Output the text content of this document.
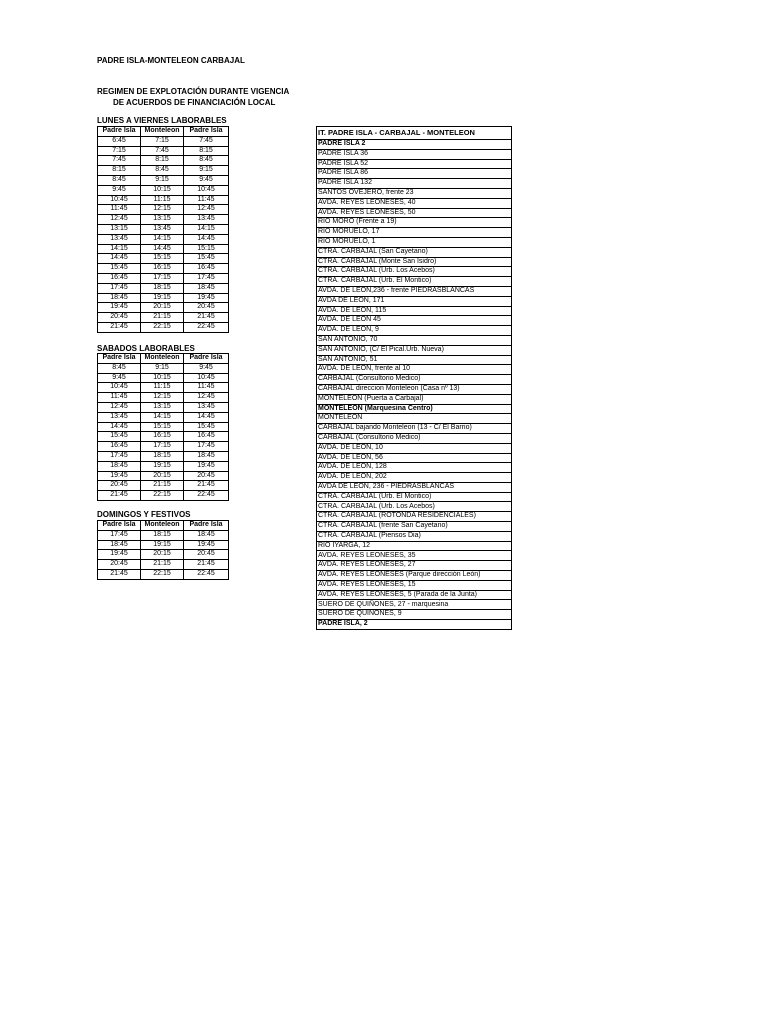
PADRE ISLA-MONTELEON CARBAJAL
REGIMEN DE EXPLOTACIÓN DURANTE VIGENCIA
DE ACUERDOS DE FINANCIACIÓN LOCAL
LUNES A VIERNES LABORABLES
Padre Isla	Monteleon	Padre Isla
6:45	7:15	7:45
7:15	7:45	8:15
7:45	8:15	8:45
8:15	8:45	9:15
8:45	9:15	9:45
9:45	10:15	10:45
10:45	11:15	11:45
11:45	12:15	12:45
12:45	13:15	13:45
13:15	13:45	14:15
13:45	14:15	14:45
14:15	14:45	15:15
14:45	15:15	15:45
15:45	16:15	16:45
16:45	17:15	17:45
17:45	18:15	18:45
18:45	19:15	19:45
19:45	20:15	20:45
20:45	21:15	21:45
21:45	22:15	22:45
SABADOS LABORABLES
Padre Isla	Monteleon	Padre Isla
8:45	9:15	9:45
9:45	10:15	10:45
10:45	11:15	11:45
11:45	12:15	12:45
12:45	13:15	13:45
13:45	14:15	14:45
14:45	15:15	15:45
15:45	16:15	16:45
16:45	17:15	17:45
17:45	18:15	18:45
18:45	19:15	19:45
19:45	20:15	20:45
20:45	21:15	21:45
21:45	22:15	22:45
DOMINGOS Y FESTIVOS
Padre Isla	Monteleon	Padre Isla
17:45	18:15	18:45
18:45	19:15	19:45
19:45	20:15	20:45
20:45	21:15	21:45
21:45	22:15	22:45
IT. PADRE ISLA - CARBAJAL - MONTELEON
PADRE ISLA 2
PADRE ISLA 36
PADRE ISLA 52
PADRE ISLA 86
PADRE ISLA 132
SANTOS OVEJERO, frente 23
AVDA. REYES LEONESES, 40
AVDA. REYES LEONESES, 50
RIO MORO (Frente a 19)
RIO MORUELO, 17
RIO MORUELO, 1
CTRA. CARBAJAL (San Cayetano)
CTRA. CARBAJAL (Monte San Isidro)
CTRA. CARBAJAL (Urb. Los Acebos)
CTRA. CARBAJAL (Urb. El Montico)
AVDA. DE LEON,236 - frente PIEDRASBLANCAS
AVDA DE LEON, 171
AVDA. DE LEON, 115
AVDA. DE LEON 45
AVDA. DE LEON, 9
SAN ANTONIO, 70
SAN ANTONIO, (C/ El Pical.Urb. Nueva)
SAN ANTONIO, 51
AVDA. DE LEON, frente al 10
CARBAJAL (Consultorio Medico)
CARBAJAL direccion Monteleon (Casa nº 13)
MONTELEON (Puerta a Carbajal)
MONTELEON (Marquesina Centro)
MONTELEON
CARBAJAL bajando Monteleon (13 - C/ El Barrio)
CARBAJAL (Consultorio Medico)
AVDA. DE LEON, 10
AVDA. DE LEON, 56
AVDA. DE LEON, 128
AVDA. DE LEON, 202
AVDA DE LEON, 236 - PIEDRASBLANCAS
CTRA. CARBAJAL (Urb. El Montico)
CTRA. CARBAJAL (Urb. Los Acebos)
CTRA. CARBAJAL (ROTONDA RESIDENCIALES)
CTRA. CARBAJAL (frente San Cayetano)
CTRA. CARBAJAL (Piensos Dia)
RIO IYARGA, 12
AVDA. REYES LEONESES, 35
AVDA. REYES LEONESES, 27
AVDA. REYES LEONESES (Parque dirección León)
AVDA. REYES LEONESES, 15
AVDA. REYES LEONESES, 5 (Parada de la Junta)
SUERO DE QUIÑONES, 27 - marquesina
SUERO DE QUIÑONES, 9
PADRE ISLA, 2
